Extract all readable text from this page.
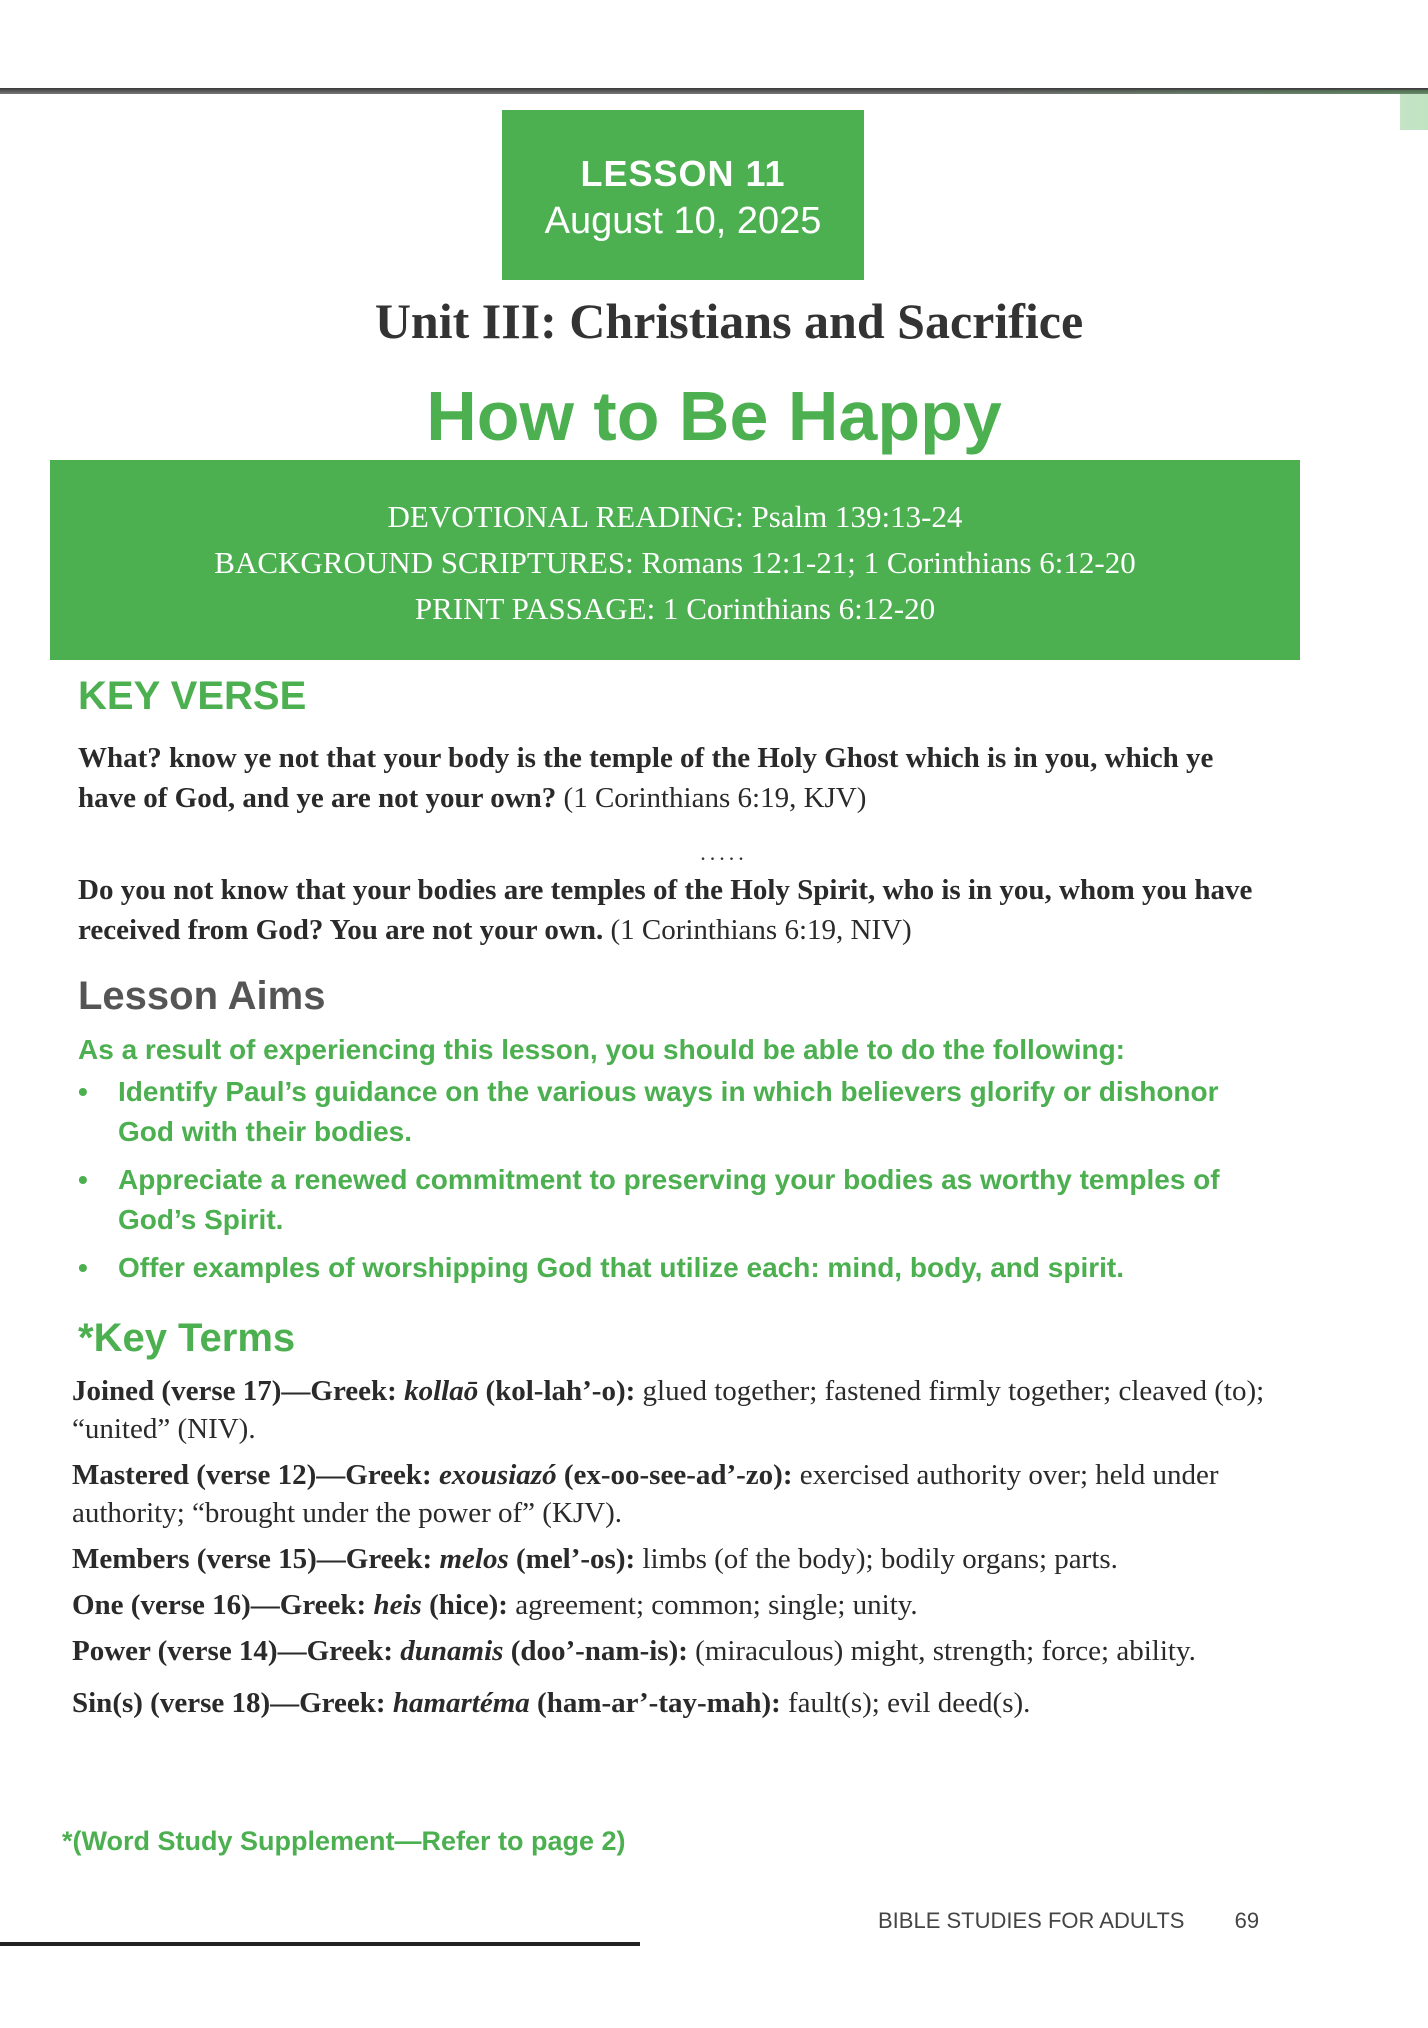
LESSON 11
August 10, 2025
Unit III: Christians and Sacrifice
How to Be Happy
DEVOTIONAL READING: Psalm 139:13-24
BACKGROUND SCRIPTURES: Romans 12:1-21; 1 Corinthians 6:12-20
PRINT PASSAGE: 1 Corinthians 6:12-20
KEY VERSE
What? know ye not that your body is the temple of the Holy Ghost which is in you, which ye have of God, and ye are not your own? (1 Corinthians 6:19, KJV)
.....
Do you not know that your bodies are temples of the Holy Spirit, who is in you, whom you have received from God? You are not your own. (1 Corinthians 6:19, NIV)
Lesson Aims
As a result of experiencing this lesson, you should be able to do the following:
• Identify Paul’s guidance on the various ways in which believers glorify or dishonor God with their bodies.
• Appreciate a renewed commitment to preserving your bodies as worthy temples of God’s Spirit.
• Offer examples of worshipping God that utilize each: mind, body, and spirit.
*Key Terms
Joined (verse 17)—Greek: kollaō (kol-lah’-o): glued together; fastened firmly together; cleaved (to); “united” (NIV).
Mastered (verse 12)—Greek: exousiazó (ex-oo-see-ad’-zo): exercised authority over; held under authority; “brought under the power of” (KJV).
Members (verse 15)—Greek: melos (mel’-os): limbs (of the body); bodily organs; parts.
One (verse 16)—Greek: heis (hice): agreement; common; single; unity.
Power (verse 14)—Greek: dunamis (doo’-nam-is): (miraculous) might, strength; force; ability.
Sin(s) (verse 18)—Greek: hamartéma (ham-ar’-tay-mah): fault(s); evil deed(s).
*(Word Study Supplement—Refer to page 2)
BIBLE STUDIES FOR ADULTS 69
